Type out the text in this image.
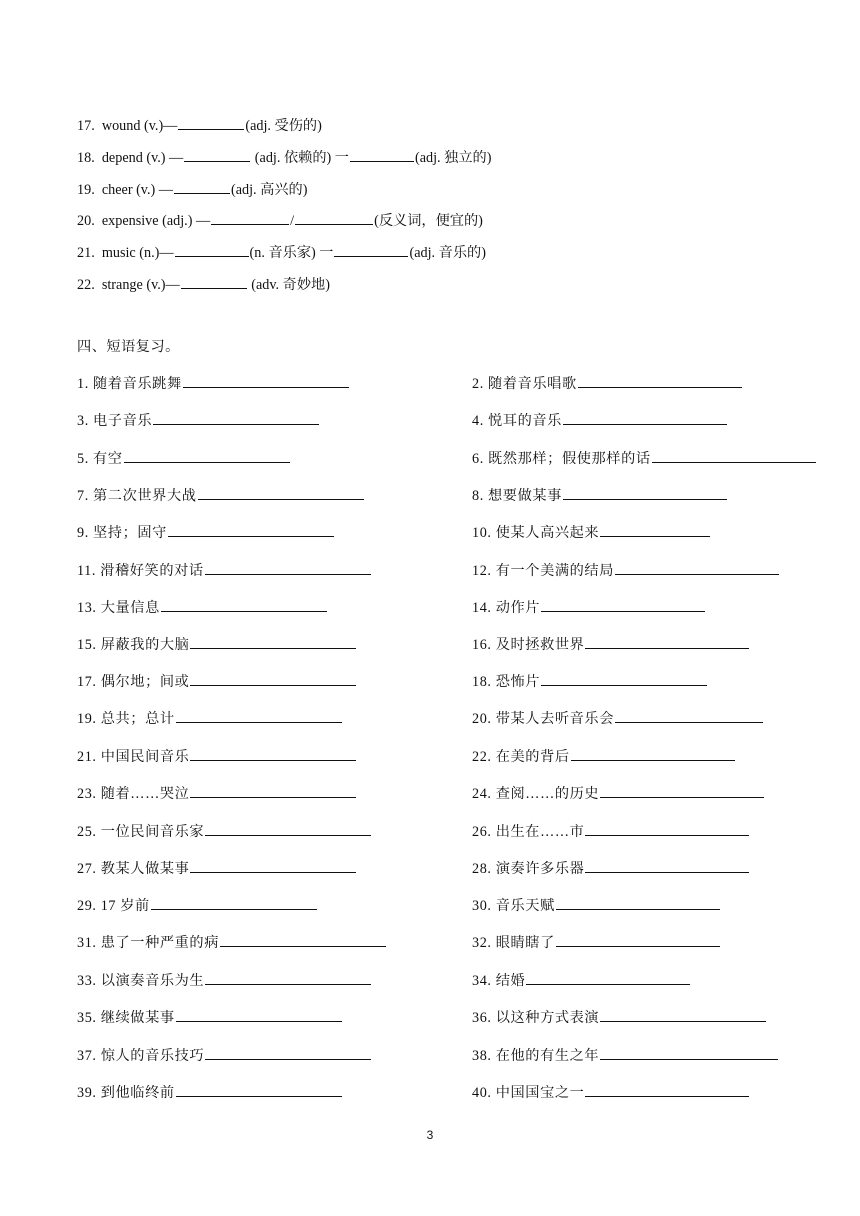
17. wound (v.)—	(adj. 受伤的)
18. depend (v.) —	(adj. 依赖的) 一	(adj. 独立的)
19. cheer (v.) —	(adj. 高兴的)
20. expensive (adj.) —	/	(反义词，便宜的)
21. music (n.)—	(n. 音乐家) 一	(adj. 音乐的)
22. strange (v.)—	(adv. 奇妙地)
四、短语复习。
1. 随着音乐跳舞	2. 随着音乐唱歌
3. 电子音乐	4. 悦耳的音乐
5. 有空	6. 既然那样；假使那样的话
7. 第二次世界大战	8. 想要做某事
9. 坚持；固守	10. 使某人高兴起来
11. 滑稽好笑的对话	12. 有一个美满的结局
13. 大量信息	14. 动作片
15. 屏蔽我的大脑	16. 及时拯救世界
17. 偶尔地；间或	18. 恐怖片
19. 总共；总计	20. 带某人去听音乐会
21. 中国民间音乐	22. 在美的背后
23. 随着……哭泣	24. 查阅……的历史
25. 一位民间音乐家	26. 出生在……市
27. 教某人做某事	28. 演奏许多乐器
29. 17 岁前	30. 音乐天赋
31. 患了一种严重的病	32. 眼睛瞎了
33. 以演奏音乐为生	34. 结婚
35. 继续做某事	36. 以这种方式表演
37. 惊人的音乐技巧	38. 在他的有生之年
39. 到他临终前	40. 中国国宝之一
3
